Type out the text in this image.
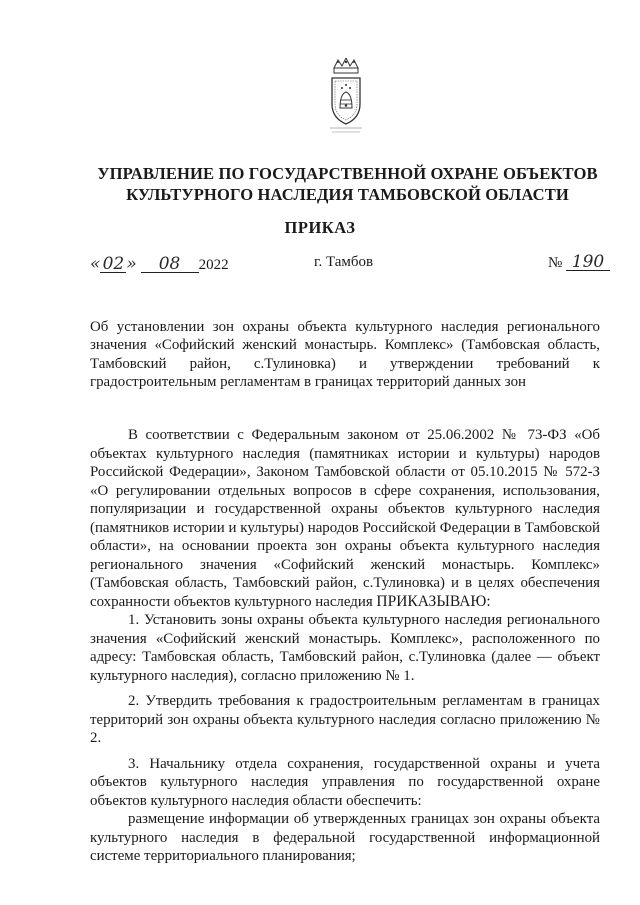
УПРАВЛЕНИЕ ПО ГОСУДАРСТВЕННОЙ ОХРАНЕ ОБЪЕКТОВ
КУЛЬТУРНОГО НАСЛЕДИЯ ТАМБОВСКОЙ ОБЛАСТИ
ПРИКАЗ
« 02 » 08 2022	г. Тамбов	№ 190
Об установлении зон охраны объекта культурного наследия регионального значения «Софийский женский монастырь. Комплекс» (Тамбовская область, Тамбовский район, с.Тулиновка) и утверждении требований к градостроительным регламентам в границах территорий данных зон

В соответствии с Федеральным законом от 25.06.2002 № 73-ФЗ «Об объектах культурного наследия (памятниках истории и культуры) народов Российской Федерации», Законом Тамбовской области от 05.10.2015 № 572-З «О регулировании отдельных вопросов в сфере сохранения, использования, популяризации и государственной охраны объектов культурного наследия (памятников истории и культуры) народов Российской Федерации в Тамбовской области», на основании проекта зон охраны объекта культурного наследия регионального значения «Софийский женский монастырь. Комплекс» (Тамбовская область, Тамбовский район, с.Тулиновка) и в целях обеспечения сохранности объектов культурного наследия ПРИКАЗЫВАЮ:

1. Установить зоны охраны объекта культурного наследия регионального значения «Софийский женский монастырь. Комплекс», расположенного по адресу: Тамбовская область, Тамбовский район, с.Тулиновка (далее — объект культурного наследия), согласно приложению № 1.

2. Утвердить требования к градостроительным регламентам в границах территорий зон охраны объекта культурного наследия согласно приложению № 2.

3. Начальнику отдела сохранения, государственной охраны и учета объектов культурного наследия управления по государственной охране объектов культурного наследия области обеспечить:

размещение информации об утвержденных границах зон охраны объекта культурного наследия в федеральной государственной информационной системе территориального планирования;
